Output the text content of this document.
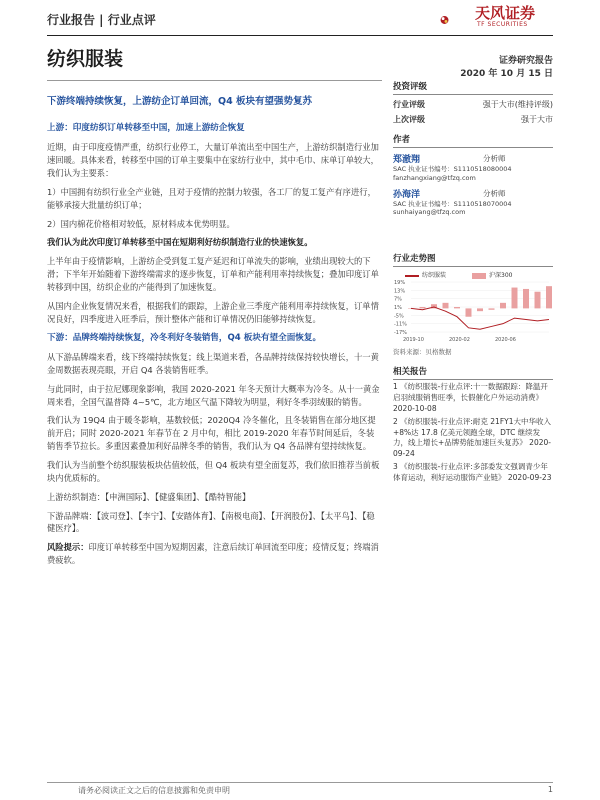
行业报告 | 行业点评	天风证券
TF SECURITIES
纺织服装	证券研究报告
2020 年 10 月 15 日
下游终端持续恢复，上游纺企订单回流，Q4 板块有望强势复苏
投资评级
行业评级	强于大市(维持评级)
上次评级	强于大市
作者
郑澈翔	分析师
SAC 执业证书编号：S1110518080004
fanzhangxiang@tfzq.com
孙海洋	分析师
SAC 执业证书编号：S1110518070004
sunhaiyang@tfzq.com
行业走势图
纺织服装	沪深300
19%
13%
7%
1%
-5%
-11%
-17%
2019-10	2020-02	2020-06
资料来源：贝格数据
相关报告
1 《纺织服装-行业点评:十一数据跟踪：降温开启羽绒服销售旺季，长假催化户外运动消费》 2020-10-08
2 《纺织服装-行业点评:耐克 21FY1大中华收入+8%达 17.8 亿美元领跑全球，DTC 继续发力，线上增长+品牌势能加速巨头复苏》 2020-09-24
3 《纺织服装-行业点评:多部委发文强调青少年体育运动，利好运动服饰产业链》 2020-09-23
上游：印度纺织订单转移至中国，加速上游纺企恢复

近期，由于印度疫情严重，纺织行业停工，大量订单流出至中国生产，上游纺织制造行业加速回暖。具体来看，转移至中国的订单主要集中在家纺行业中，其中毛巾、床单订单较大，我们认为主要系：

1）中国拥有纺织行业全产业链，且对于疫情的控制力较强，各工厂的复工复产有序进行，能够承接大批量纺织订单；

2）国内棉花价格相对较低，原材料成本优势明显。

我们认为此次印度订单转移至中国在短期利好纺织制造行业的快速恢复。

上半年由于疫情影响，上游纺企受到复工复产延迟和订单流失的影响，业绩出现较大的下滑；下半年开始随着下游终端需求的逐步恢复，订单和产能利用率持续恢复；叠加印度订单转移到中国，纺织企业的产能得到了加速恢复。

从国内企业恢复情况来看，根据我们的跟踪，上游企业三季度产能利用率持续恢复，订单情况良好，四季度进入旺季后，预计整体产能和订单情况仍旧能够持续恢复。

下游：品牌终端持续恢复，冷冬利好冬装销售，Q4 板块有望全面恢复。

从下游品牌端来看，线下终端持续恢复；线上渠道来看，各品牌持续保持较快增长，十一黄金周数据表现亮眼，开启 Q4 各装销售旺季。

与此同时，由于拉尼娜现象影响，我国 2020-2021 年冬天预计大概率为冷冬。从十一黄金周来看，全国气温普降 4~5℃，北方地区气温下降较为明显，利好冬季羽绒服的销售。

我们认为 19Q4 由于暖冬影响，基数较低；2020Q4 冷冬催化，且冬装销售在部分地区提前开启；同时 2020-2021 年春节在 2 月中旬，相比 2019-2020 年春节时间延后，冬装销售季节拉长。多重因素叠加利好品牌冬季的销售，我们认为 Q4 各品牌有望持续恢复。

我们认为当前整个纺织服装板块估值较低，但 Q4 板块有望全面复苏，我们依旧推荐当前板块内优质标的。

上游纺织制造：【申洲国际】、【健盛集团】、【酷特智能】

下游品牌端：【波司登】、【李宁】、【安踏体育】、【南极电商】、【开润股份】、【太平鸟】、【稳健医疗】。

风险提示：印度订单转移至中国为短期因素，注意后续订单回流至印度；疫情反复；终端消费疲软。

请务必阅读正文之后的信息披露和免责申明	1
